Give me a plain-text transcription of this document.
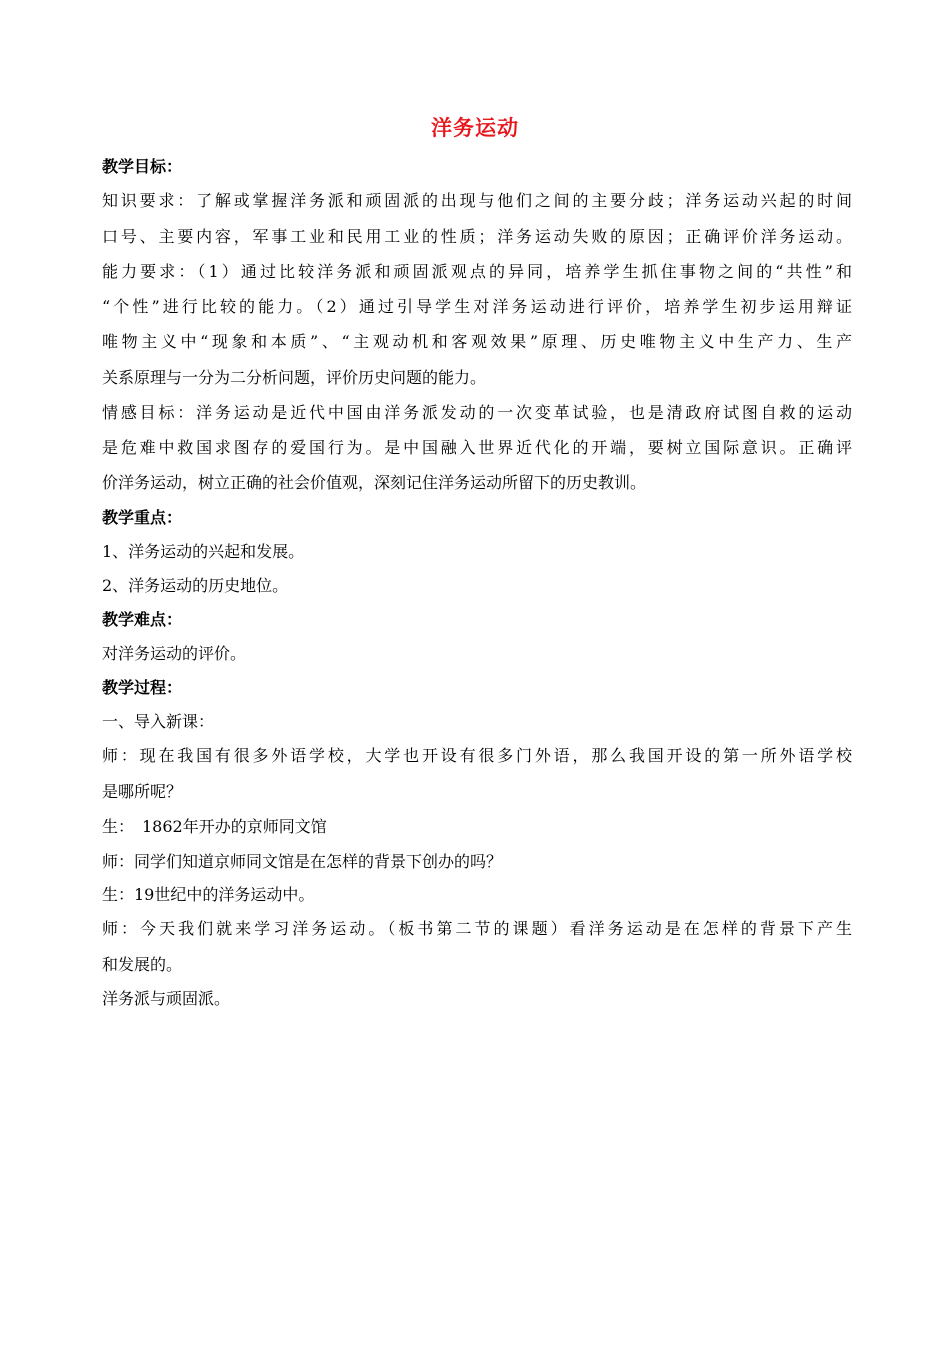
洋务运动
教学目标：
知识要求：了解或掌握洋务派和顽固派的出现与他们之间的主要分歧；洋务运动兴起的时间
口号、主要内容，军事工业和民用工业的性质；洋务运动失败的原因；正确评价洋务运动。
能力要求：（1）通过比较洋务派和顽固派观点的异同，培养学生抓住事物之间的“共性”和
“个性”进行比较的能力。（2）通过引导学生对洋务运动进行评价，培养学生初步运用辩证
唯物主义中“现象和本质”、“主观动机和客观效果”原理、历史唯物主义中生产力、生产
关系原理与一分为二分析问题，评价历史问题的能力。
情感目标：洋务运动是近代中国由洋务派发动的一次变革试验，也是清政府试图自救的运动
是危难中救国求图存的爱国行为。是中国融入世界近代化的开端，要树立国际意识。正确评
价洋务运动，树立正确的社会价值观，深刻记住洋务运动所留下的历史教训。
教学重点：
1、洋务运动的兴起和发展。
2、洋务运动的历史地位。
教学难点：
对洋务运动的评价。
教学过程：
一、导入新课：
师：现在我国有很多外语学校，大学也开设有很多门外语，那么我国开设的第一所外语学校
是哪所呢？
生：　1862年开办的京师同文馆
师：同学们知道京师同文馆是在怎样的背景下创办的吗？
生：19世纪中的洋务运动中。
师：今天我们就来学习洋务运动。（板书第二节的课题）看洋务运动是在怎样的背景下产生
和发展的。
洋务派与顽固派。
